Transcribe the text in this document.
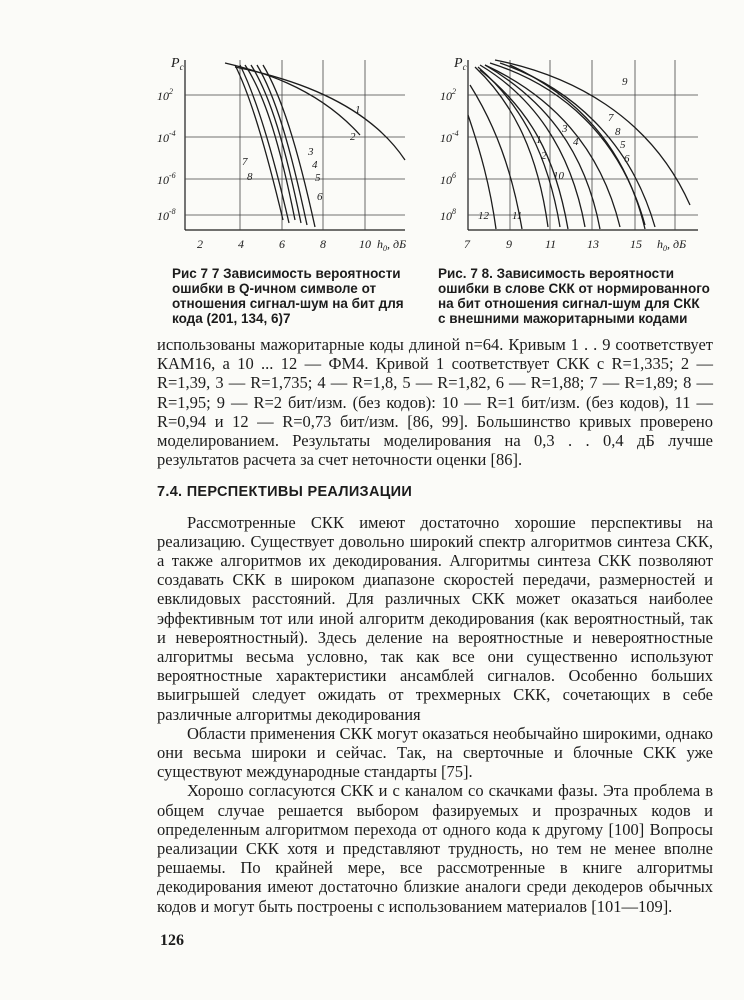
$P_c$
$10^2$
$10^{-4}$
$10^{-6}$
$10^{-8}$
2	4	6	8	10 $h_0$, дБ
1
2
3
4
5
6
7
8
$P_c$
$10^2$
$10^{-4}$
$10^6$
$10^8$
7	9	11	13	15 $h_0$, дБ
9
7
8
5
6
3
1
2
10
4
11
12
Рис 7 7 Зависимость вероятности ошибки в Q-ичном символе от отношения сигнал-шум на бит для кода (201, 134, 6)7
Рис. 7 8. Зависимость вероятности ошибки в слове СКК от нормированного на бит отношения сигнал-шум для СКК с внешними мажоритарными кодами

использованы мажоритарные коды длиной n=64. Кривым 1 . . 9 соответствует КАМ16, а 10 ... 12 — ФМ4. Кривой 1 соответствует СКК с R=1,335; 2 — R=1,39, 3 — R=1,735; 4 — R=1,8, 5 — R=1,82, 6 — R=1,88; 7 — R=1,89; 8 — R=1,95; 9 — R=2 бит/изм. (без кодов): 10 — R=1 бит/изм. (без кодов), 11 — R=0,94 и 12 — R=0,73 бит/изм. [86, 99]. Большинство кривых проверено моделированием. Результаты моделирования на 0,3 . . 0,4 дБ лучше результатов расчета за счет неточности оценки [86].

7.4. ПЕРСПЕКТИВЫ РЕАЛИЗАЦИИ

Рассмотренные СКК имеют достаточно хорошие перспективы на реализацию. Существует довольно широкий спектр алгоритмов синтеза СКК, а также алгоритмов их декодирования. Алгоритмы синтеза СКК позволяют создавать СКК в широком диапазоне скоростей передачи, размерностей и евклидовых расстояний. Для различных СКК может оказаться наиболее эффективным тот или иной алгоритм декодирования (как вероятностный, так и невероятностный). Здесь деление на вероятностные и невероятностные алгоритмы весьма условно, так как все они существенно используют вероятностные характеристики ансамблей сигналов. Особенно больших выигрышей следует ожидать от трехмерных СКК, сочетающих в себе различные алгоритмы декодирования

Области применения СКК могут оказаться необычайно широкими, однако они весьма широки и сейчас. Так, на сверточные и блочные СКК уже существуют международные стандарты [75].

Хорошо согласуются СКК и с каналом со скачками фазы. Эта проблема в общем случае решается выбором фазируемых и прозрачных кодов и определенным алгоритмом перехода от одного кода к другому [100] Вопросы реализации СКК хотя и представляют трудность, но тем не менее вполне решаемы. По крайней мере, все рассмотренные в книге алгоритмы декодирования имеют достаточно близкие аналоги среди декодеров обычных кодов и могут быть построены с использованием материалов [101—109].

126
